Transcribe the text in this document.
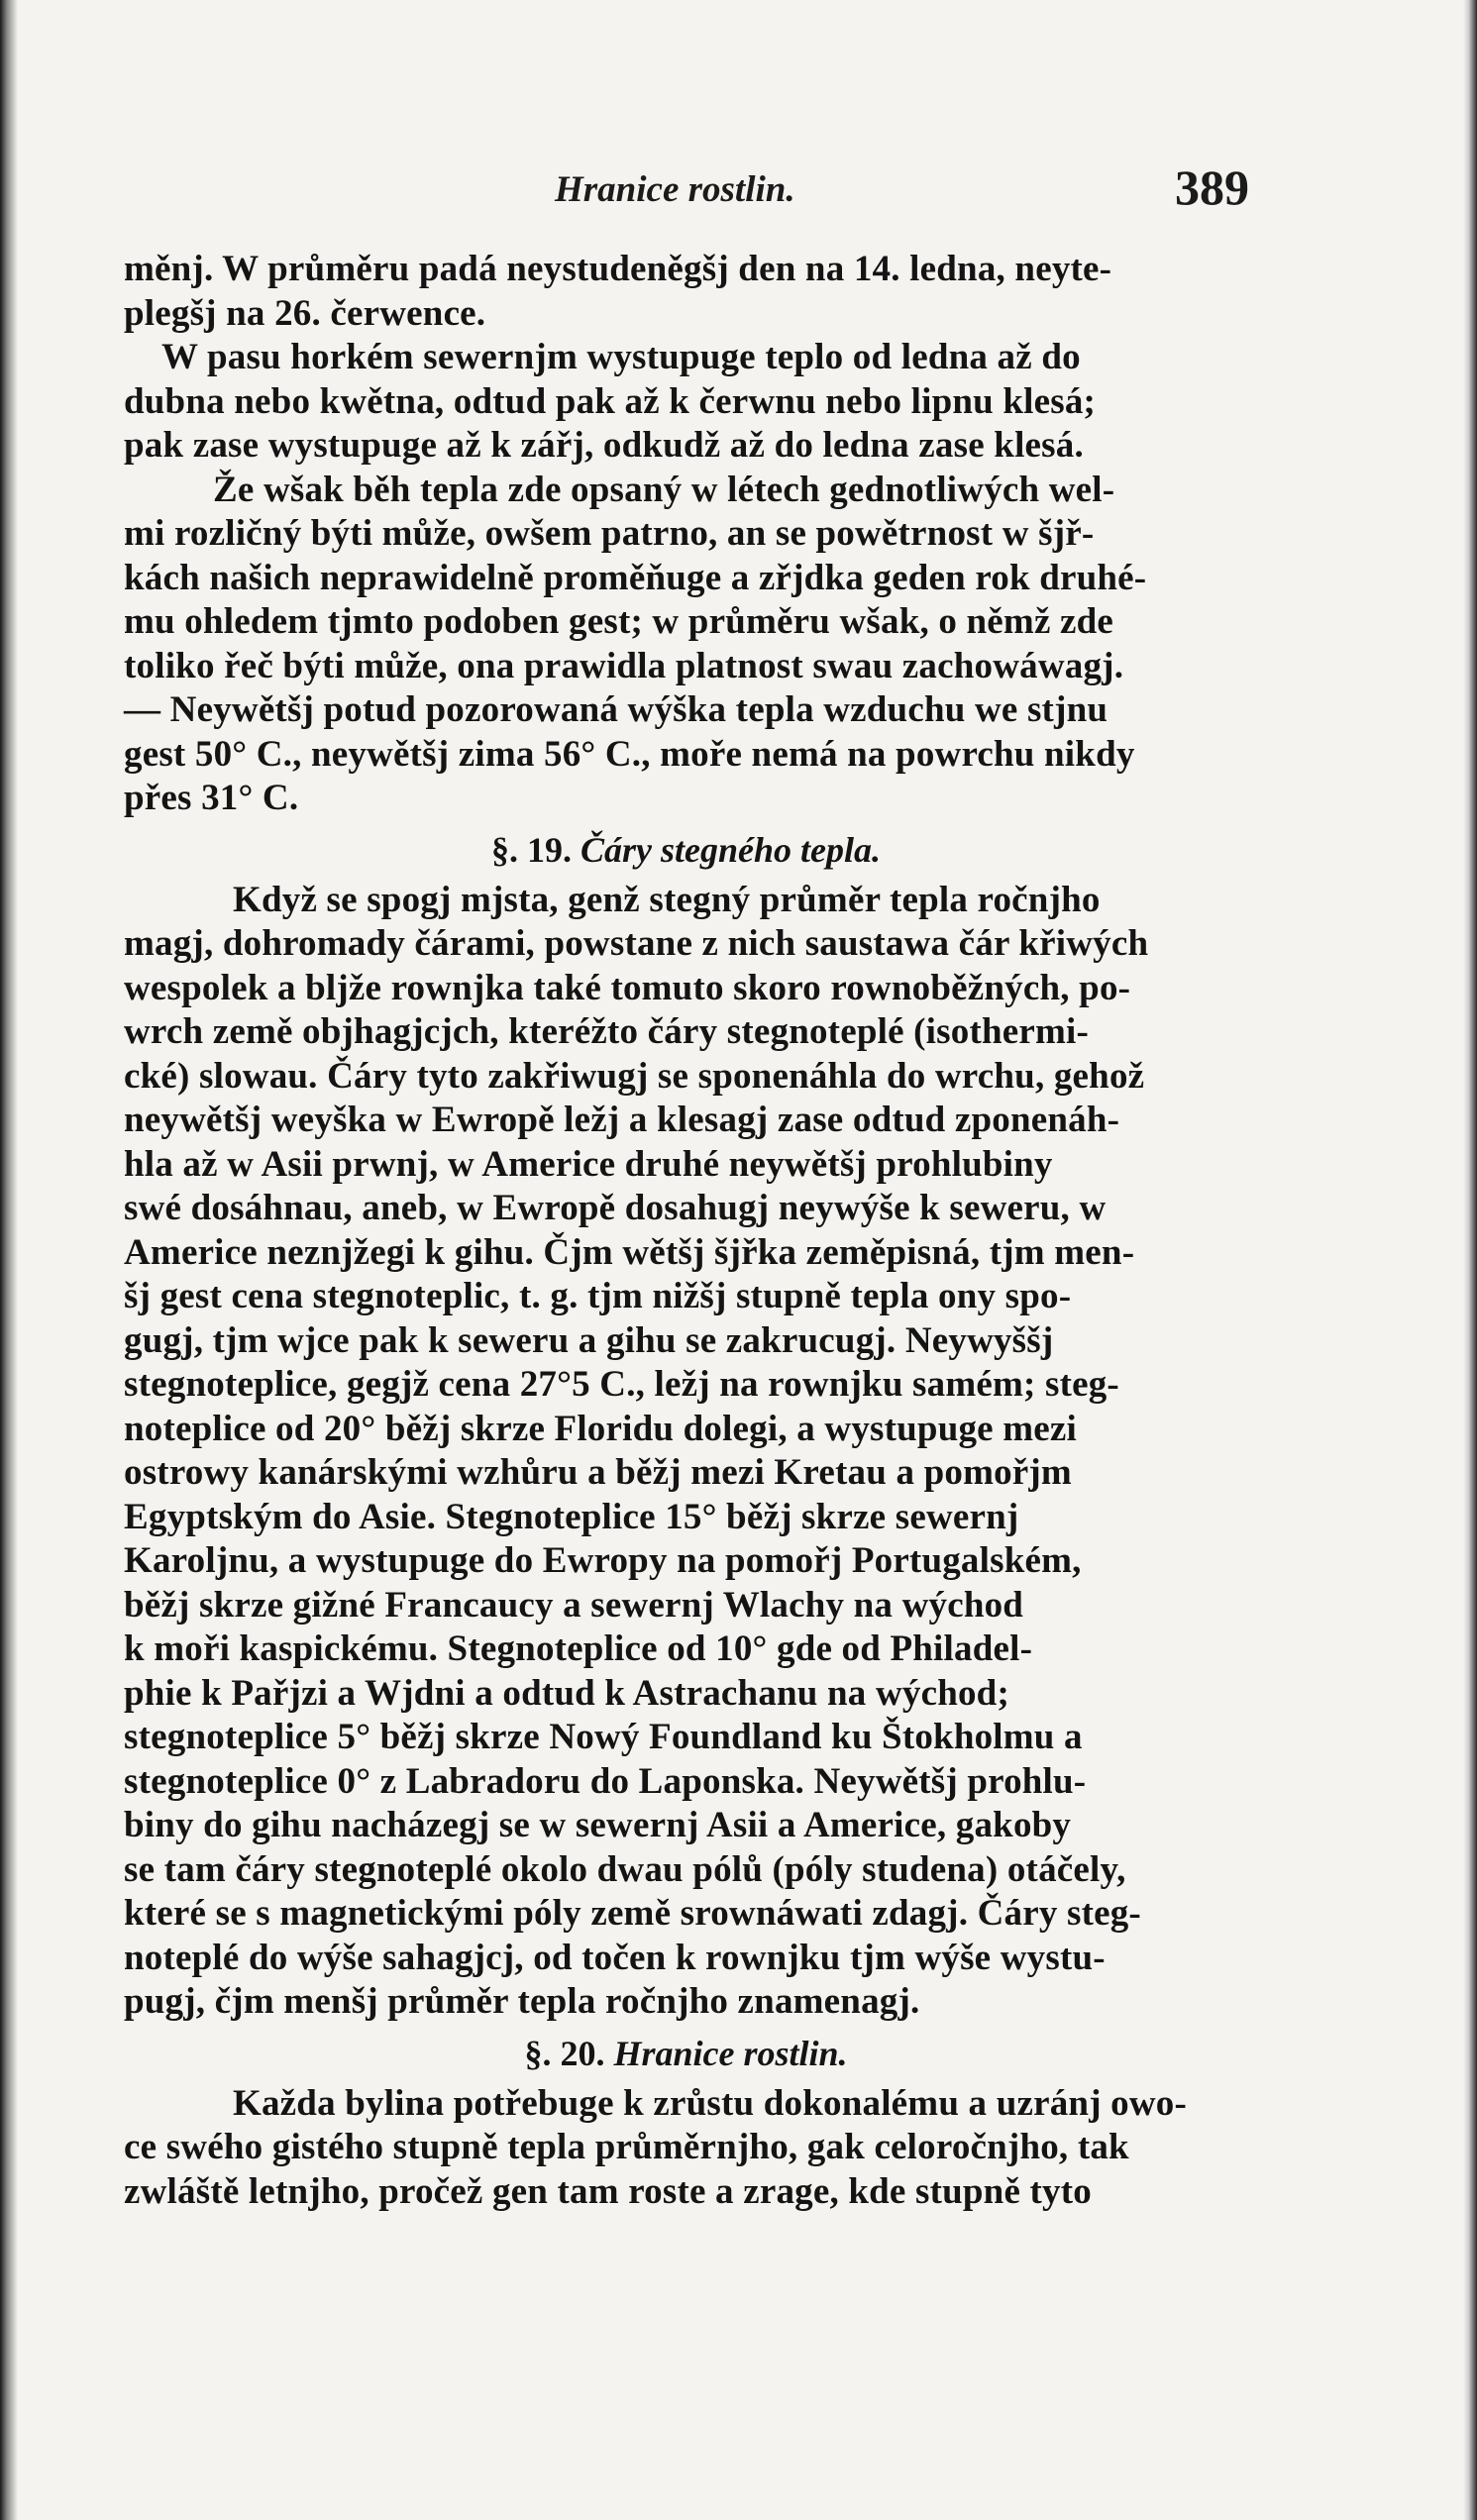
Hranice rostlin.	389
měnj. W průměru padá neystudeněgšj den na 14. ledna, neyte-
plegšj na 26. čerwence.
W pasu horkém sewernjm wystupuge teplo od ledna až do
dubna nebo kwětna, odtud pak až k čerwnu nebo lipnu klesá;
pak zase wystupuge až k zářj, odkudž až do ledna zase klesá.
Že wšak běh tepla zde opsaný w létech gednotliwých wel-
mi rozličný býti může, owšem patrno, an se powětrnost w šjř-
kách našich neprawidelně proměňuge a zřjdka geden rok druhé-
mu ohledem tjmto podoben gest; w průměru wšak, o němž zde
toliko řeč býti může, ona prawidla platnost swau zachowáwagj.
— Neywětšj potud pozorowaná wýška tepla wzduchu we stjnu
gest 50° C., neywětšj zima 56° C., moře nemá na powrchu nikdy
přes 31° C.
§. 19. Čáry stegného tepla.
Když se spogj mjsta, genž stegný průměr tepla ročnjho
magj, dohromady čárami, powstane z nich saustawa čár křiwých
wespolek a blјže rownjka také tomuto skoro rownoběžných, po-
wrch země objhagjcjch, kteréžto čáry stegnoteplé (isothermi-
cké) slowau. Čáry tyto zakřiwugj se sponenáhla do wrchu, gehož
neywětšj weyška w Ewropě ležj a klesagj zase odtud zponenáh-
hla až w Asii prwnj, w Americe druhé neywětšj prohlubiny
swé dosáhnau, aneb, w Ewropě dosahugj neywýše k seweru, w
Americe neznjžegi k gihu. Čjm wětšj šjřka zeměpisná, tjm men-
šj gest cena stegnoteplic, t. g. tjm nižšj stupně tepla ony spo-
gugj, tjm wjce pak k seweru a gihu se zakrucugj. Neywyššj
stegnoteplice, gegjž cena 27°5 C., ležj na rownjku samém; steg-
noteplice od 20° běžj skrze Floridu dolegi, a wystupuge mezi
ostrowy kanárskými wzhůru a běžj mezi Kretau a pomořjm
Egyptským do Asie. Stegnoteplice 15° běžj skrze sewernj
Karoljnu, a wystupuge do Ewropy na pomořj Portugalském,
běžj skrze gižné Francaucy a sewernj Wlachy na wýchod
k moři kaspickému. Stegnoteplice od 10° gde od Philadel-
phie k Pařjzi a Wjdni a odtud k Astrachanu na wýchod;
stegnoteplice 5° běžj skrze Nowý Foundland ku Štokholmu a
stegnoteplice 0° z Labradoru do Laponska. Neywětšj prohlu-
biny do gihu nacházegj se w sewernj Asii a Americe, gakoby
se tam čáry stegnoteplé okolo dwau pólů (póly studena) otáčely,
které se s magnetickými póly země srownáwati zdagj. Čáry steg-
noteplé do wýše sahagjcj, od točen k rownjku tjm wýše wystu-
pugj, čjm menšj průměr tepla ročnjho znamenagj.
§. 20. Hranice rostlin.
Každa bylina potřebuge k zrůstu dokonalému a uzránj owo-
ce swého gistého stupně tepla průměrnjho, gak celoročnjho, tak
zwláště letnjho, pročež gen tam roste a zrage, kde stupně tyto
